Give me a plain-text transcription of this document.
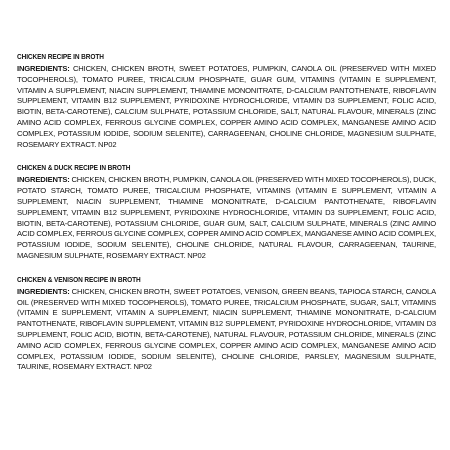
CHICKEN RECIPE IN BROTH

INGREDIENTS: CHICKEN, CHICKEN BROTH, SWEET POTATOES, PUMPKIN, CANOLA OIL (PRESERVED WITH MIXED TOCOPHEROLS), TOMATO PUREE, TRICALCIUM PHOSPHATE, GUAR GUM, VITAMINS (VITAMIN E SUPPLEMENT, VITAMIN A SUPPLEMENT, NIACIN SUPPLEMENT, THIAMINE MONONITRATE, D-CALCIUM PANTOTHENATE, RIBOFLAVIN SUPPLEMENT, VITAMIN B12 SUPPLEMENT, PYRIDOXINE HYDROCHLORIDE, VITAMIN D3 SUPPLEMENT, FOLIC ACID, BIOTIN, BETA-CAROTENE), CALCIUM SULPHATE, POTASSIUM CHLORIDE, SALT, NATURAL FLAVOUR, MINERALS (ZINC AMINO ACID COMPLEX, FERROUS GLYCINE COMPLEX, COPPER AMINO ACID COMPLEX, MANGANESE AMINO ACID COMPLEX, POTASSIUM IODIDE, SODIUM SELENITE), CARRAGEENAN, CHOLINE CHLORIDE, MAGNESIUM SULPHATE, ROSEMARY EXTRACT. NP02

CHICKEN & DUCK RECIPE IN BROTH

INGREDIENTS: CHICKEN, CHICKEN BROTH, PUMPKIN, CANOLA OIL (PRESERVED WITH MIXED TOCOPHEROLS), DUCK, POTATO STARCH, TOMATO PUREE, TRICALCIUM PHOSPHATE, VITAMINS (VITAMIN E SUPPLEMENT, VITAMIN A SUPPLEMENT, NIACIN SUPPLEMENT, THIAMINE MONONITRATE, D-CALCIUM PANTOTHENATE, RIBOFLAVIN SUPPLEMENT, VITAMIN B12 SUPPLEMENT, PYRIDOXINE HYDROCHLORIDE, VITAMIN D3 SUPPLEMENT, FOLIC ACID, BIOTIN, BETA-CAROTENE), POTASSIUM CHLORIDE, GUAR GUM, SALT, CALCIUM SULPHATE, MINERALS (ZINC AMINO ACID COMPLEX, FERROUS GLYCINE COMPLEX, COPPER AMINO ACID COMPLEX, MANGANESE AMINO ACID COMPLEX, POTASSIUM IODIDE, SODIUM SELENITE), CHOLINE CHLORIDE, NATURAL FLAVOUR, CARRAGEENAN, TAURINE, MAGNESIUM SULPHATE, ROSEMARY EXTRACT. NP02

CHICKEN & VENISON RECIPE IN BROTH

INGREDIENTS: CHICKEN, CHICKEN BROTH, SWEET POTATOES, VENISON, GREEN BEANS, TAPIOCA STARCH, CANOLA OIL (PRESERVED WITH MIXED TOCOPHEROLS), TOMATO PUREE, TRICALCIUM PHOSPHATE, SUGAR, SALT, VITAMINS (VITAMIN E SUPPLEMENT, VITAMIN A SUPPLEMENT, NIACIN SUPPLEMENT, THIAMINE MONONITRATE, D-CALCIUM PANTOTHENATE, RIBOFLAVIN SUPPLEMENT, VITAMIN B12 SUPPLEMENT, PYRIDOXINE HYDROCHLORIDE, VITAMIN D3 SUPPLEMENT, FOLIC ACID, BIOTIN, BETA-CAROTENE), NATURAL FLAVOUR, POTASSIUM CHLORIDE, MINERALS (ZINC AMINO ACID COMPLEX, FERROUS GLYCINE COMPLEX, COPPER AMINO ACID COMPLEX, MANGANESE AMINO ACID COMPLEX, POTASSIUM IODIDE, SODIUM SELENITE), CHOLINE CHLORIDE, PARSLEY, MAGNESIUM SULPHATE, TAURINE, ROSEMARY EXTRACT. NP02
